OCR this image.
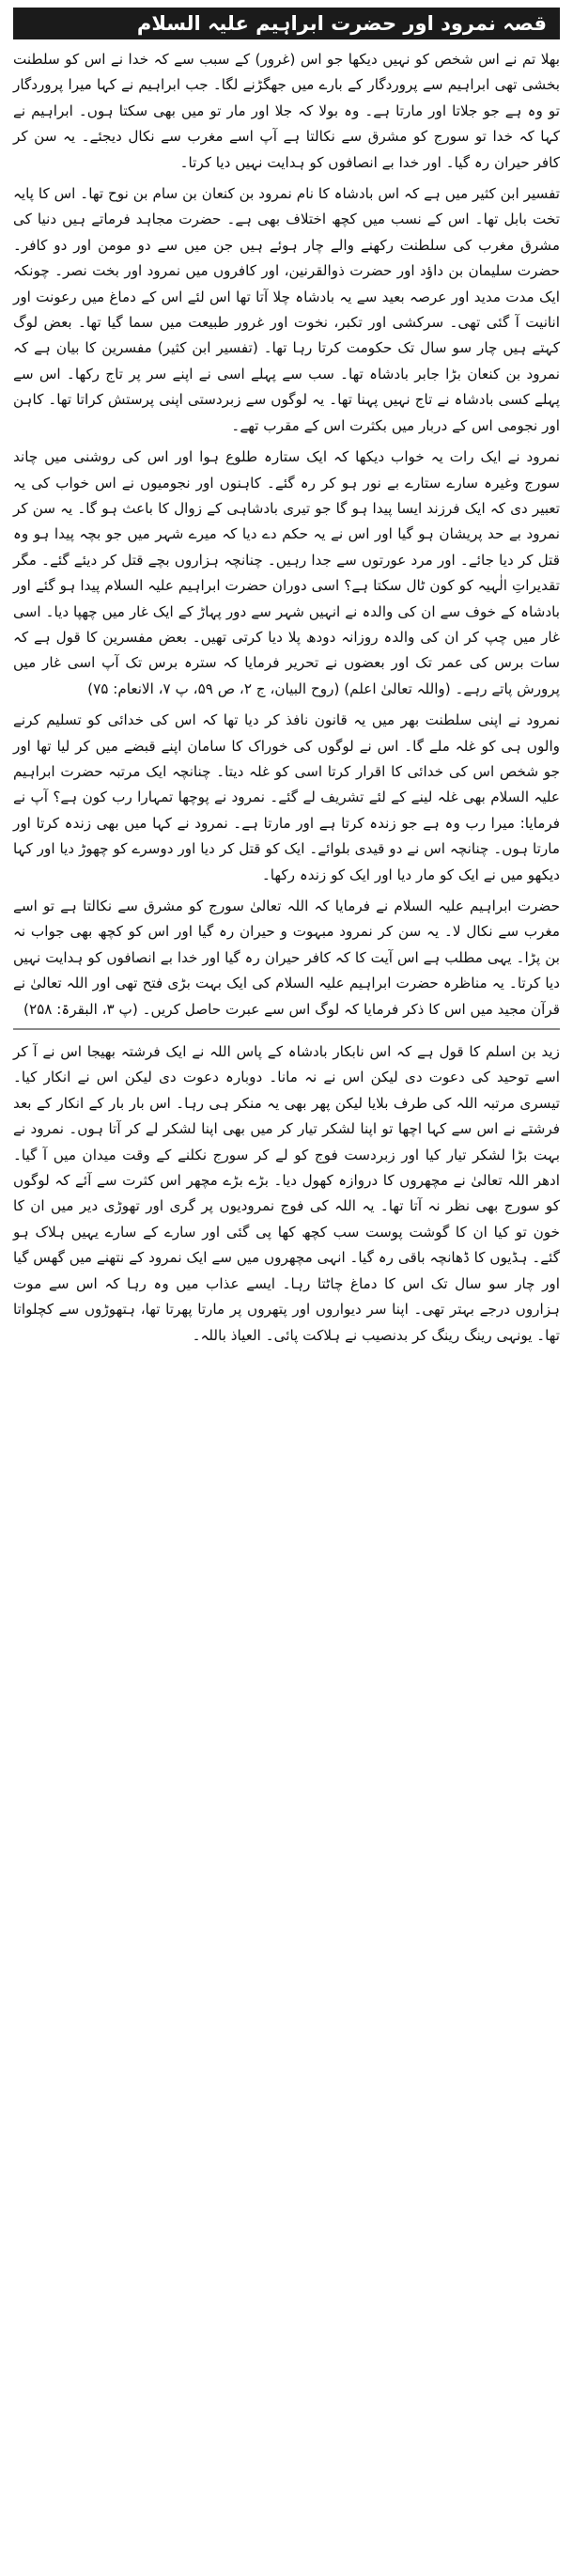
قصہ نمرود اور حضرت ابراہیم علیہ السلام

بھلا تم نے اس شخص کو نہیں دیکھا جو اس (غرور) کے سبب سے کہ خدا نے اس کو سلطنت بخشی تھی ابراہیم سے پروردگار کے بارے میں جھگڑنے لگا۔ جب ابراہیم نے کہا میرا پروردگار تو وہ ہے جو جلاتا اور مارتا ہے۔ وہ بولا کہ جلا اور مار تو میں بھی سکتا ہوں۔ ابراہیم نے کہا کہ خدا تو سورج کو مشرق سے نکالتا ہے آپ اسے مغرب سے نکال دیجئے۔ یہ سن کر کافر حیران رہ گیا۔ اور خدا بے انصافوں کو ہدایت نہیں دیا کرتا۔

تفسیر ابن کثیر میں ہے کہ اس بادشاہ کا نام نمرود بن کنعان بن سام بن نوح تھا۔ اس کا پایہ تخت بابل تھا۔ اس کے نسب میں کچھ اختلاف بھی ہے۔ حضرت مجاہد فرماتے ہیں دنیا کی مشرق مغرب کی سلطنت رکھنے والے چار ہوئے ہیں جن میں سے دو مومن اور دو کافر۔ حضرت سلیمان بن داؤد اور حضرت ذوالقرنین، اور کافروں میں نمرود اور بخت نصر۔ چونکہ ایک مدت مدید اور عرصہ بعید سے یہ بادشاہ چلا آتا تھا اس لئے اس کے دماغ میں رعونت اور انانیت آ گئی تھی۔ سرکشی اور تکبر، نخوت اور غرور طبیعت میں سما گیا تھا۔ بعض لوگ کہتے ہیں چار سو سال تک حکومت کرتا رہا تھا۔ (تفسیر ابن کثیر) مفسرین کا بیان ہے کہ نمرود بن کنعان بڑا جابر بادشاہ تھا۔ سب سے پہلے اسی نے اپنے سر پر تاج رکھا۔ اس سے پہلے کسی بادشاہ نے تاج نہیں پہنا تھا۔ یہ لوگوں سے زبردستی اپنی پرستش کراتا تھا۔ کاہن اور نجومی اس کے دربار میں بکثرت اس کے مقرب تھے۔

نمرود نے ایک رات یہ خواب دیکھا کہ ایک ستارہ طلوع ہوا اور اس کی روشنی میں چاند سورج وغیرہ سارے ستارے بے نور ہو کر رہ گئے۔ کاہنوں اور نجومیوں نے اس خواب کی یہ تعبیر دی کہ ایک فرزند ایسا پیدا ہو گا جو تیری بادشاہی کے زوال کا باعث ہو گا۔ یہ سن کر نمرود بے حد پریشان ہو گیا اور اس نے یہ حکم دے دیا کہ میرے شہر میں جو بچہ پیدا ہو وہ قتل کر دیا جائے۔ اور مرد عورتوں سے جدا رہیں۔ چنانچہ ہزاروں بچے قتل کر دیئے گئے۔ مگر تقدیراتِ الٰہیہ کو کون ٹال سکتا ہے؟ اسی دوران حضرت ابراہیم علیہ السلام پیدا ہو گئے اور بادشاہ کے خوف سے ان کی والدہ نے انہیں شہر سے دور پہاڑ کے ایک غار میں چھپا دیا۔ اسی غار میں چپ کر ان کی والدہ روزانہ دودھ پلا دیا کرتی تھیں۔ بعض مفسرین کا قول ہے کہ سات برس کی عمر تک اور بعضوں نے تحریر فرمایا کہ سترہ برس تک آپ اسی غار میں پرورش پاتے رہے۔ (واللہ تعالیٰ اعلم) (روح البیان، ج ۲، ص ۵۹، پ ۷، الانعام: ۷۵)

نمرود نے اپنی سلطنت بھر میں یہ قانون نافذ کر دیا تھا کہ اس کی خدائی کو تسلیم کرنے والوں ہی کو غلہ ملے گا۔ اس نے لوگوں کی خوراک کا سامان اپنے قبضے میں کر لیا تھا اور جو شخص اس کی خدائی کا اقرار کرتا اسی کو غلہ دیتا۔ چنانچہ ایک مرتبہ حضرت ابراہیم علیہ السلام بھی غلہ لینے کے لئے تشریف لے گئے۔ نمرود نے پوچھا تمہارا رب کون ہے؟ آپ نے فرمایا: میرا رب وہ ہے جو زندہ کرتا ہے اور مارتا ہے۔ نمرود نے کہا میں بھی زندہ کرتا اور مارتا ہوں۔ چنانچہ اس نے دو قیدی بلوائے۔ ایک کو قتل کر دیا اور دوسرے کو چھوڑ دیا اور کہا دیکھو میں نے ایک کو مار دیا اور ایک کو زندہ رکھا۔

حضرت ابراہیم علیہ السلام نے فرمایا کہ اللہ تعالیٰ سورج کو مشرق سے نکالتا ہے تو اسے مغرب سے نکال لا۔ یہ سن کر نمرود مبہوت و حیران رہ گیا اور اس کو کچھ بھی جواب نہ بن پڑا۔ یہی مطلب ہے اس آیت کا کہ کافر حیران رہ گیا اور خدا بے انصافوں کو ہدایت نہیں دیا کرتا۔ یہ مناظرہ حضرت ابراہیم علیہ السلام کی ایک بہت بڑی فتح تھی اور اللہ تعالیٰ نے قرآن مجید میں اس کا ذکر فرمایا کہ لوگ اس سے عبرت حاصل کریں۔ (پ ۳، البقرۃ: ۲۵۸)

زید بن اسلم کا قول ہے کہ اس نابکار بادشاہ کے پاس اللہ نے ایک فرشتہ بھیجا اس نے آ کر اسے توحید کی دعوت دی لیکن اس نے نہ مانا۔ دوبارہ دعوت دی لیکن اس نے انکار کیا۔ تیسری مرتبہ اللہ کی طرف بلایا لیکن پھر بھی یہ منکر ہی رہا۔ اس بار بار کے انکار کے بعد فرشتے نے اس سے کہا اچھا تو اپنا لشکر تیار کر میں بھی اپنا لشکر لے کر آتا ہوں۔ نمرود نے بہت بڑا لشکر تیار کیا اور زبردست فوج کو لے کر سورج نکلنے کے وقت میدان میں آ گیا۔ ادھر اللہ تعالیٰ نے مچھروں کا دروازہ کھول دیا۔ بڑے بڑے مچھر اس کثرت سے آئے کہ لوگوں کو سورج بھی نظر نہ آتا تھا۔ یہ اللہ کی فوج نمرودیوں پر گری اور تھوڑی دیر میں ان کا خون تو کیا ان کا گوشت پوست سب کچھ کھا پی گئی اور سارے کے سارے یہیں ہلاک ہو گئے۔ ہڈیوں کا ڈھانچہ باقی رہ گیا۔ انہی مچھروں میں سے ایک نمرود کے نتھنے میں گھس گیا اور چار سو سال تک اس کا دماغ چاٹتا رہا۔ ایسے عذاب میں وہ رہا کہ اس سے موت ہزاروں درجے بہتر تھی۔ اپنا سر دیواروں اور پتھروں پر مارتا پھرتا تھا، ہتھوڑوں سے کچلواتا تھا۔ یونہی رینگ رینگ کر بدنصیب نے ہلاکت پائی۔ العیاذ باللہ۔
